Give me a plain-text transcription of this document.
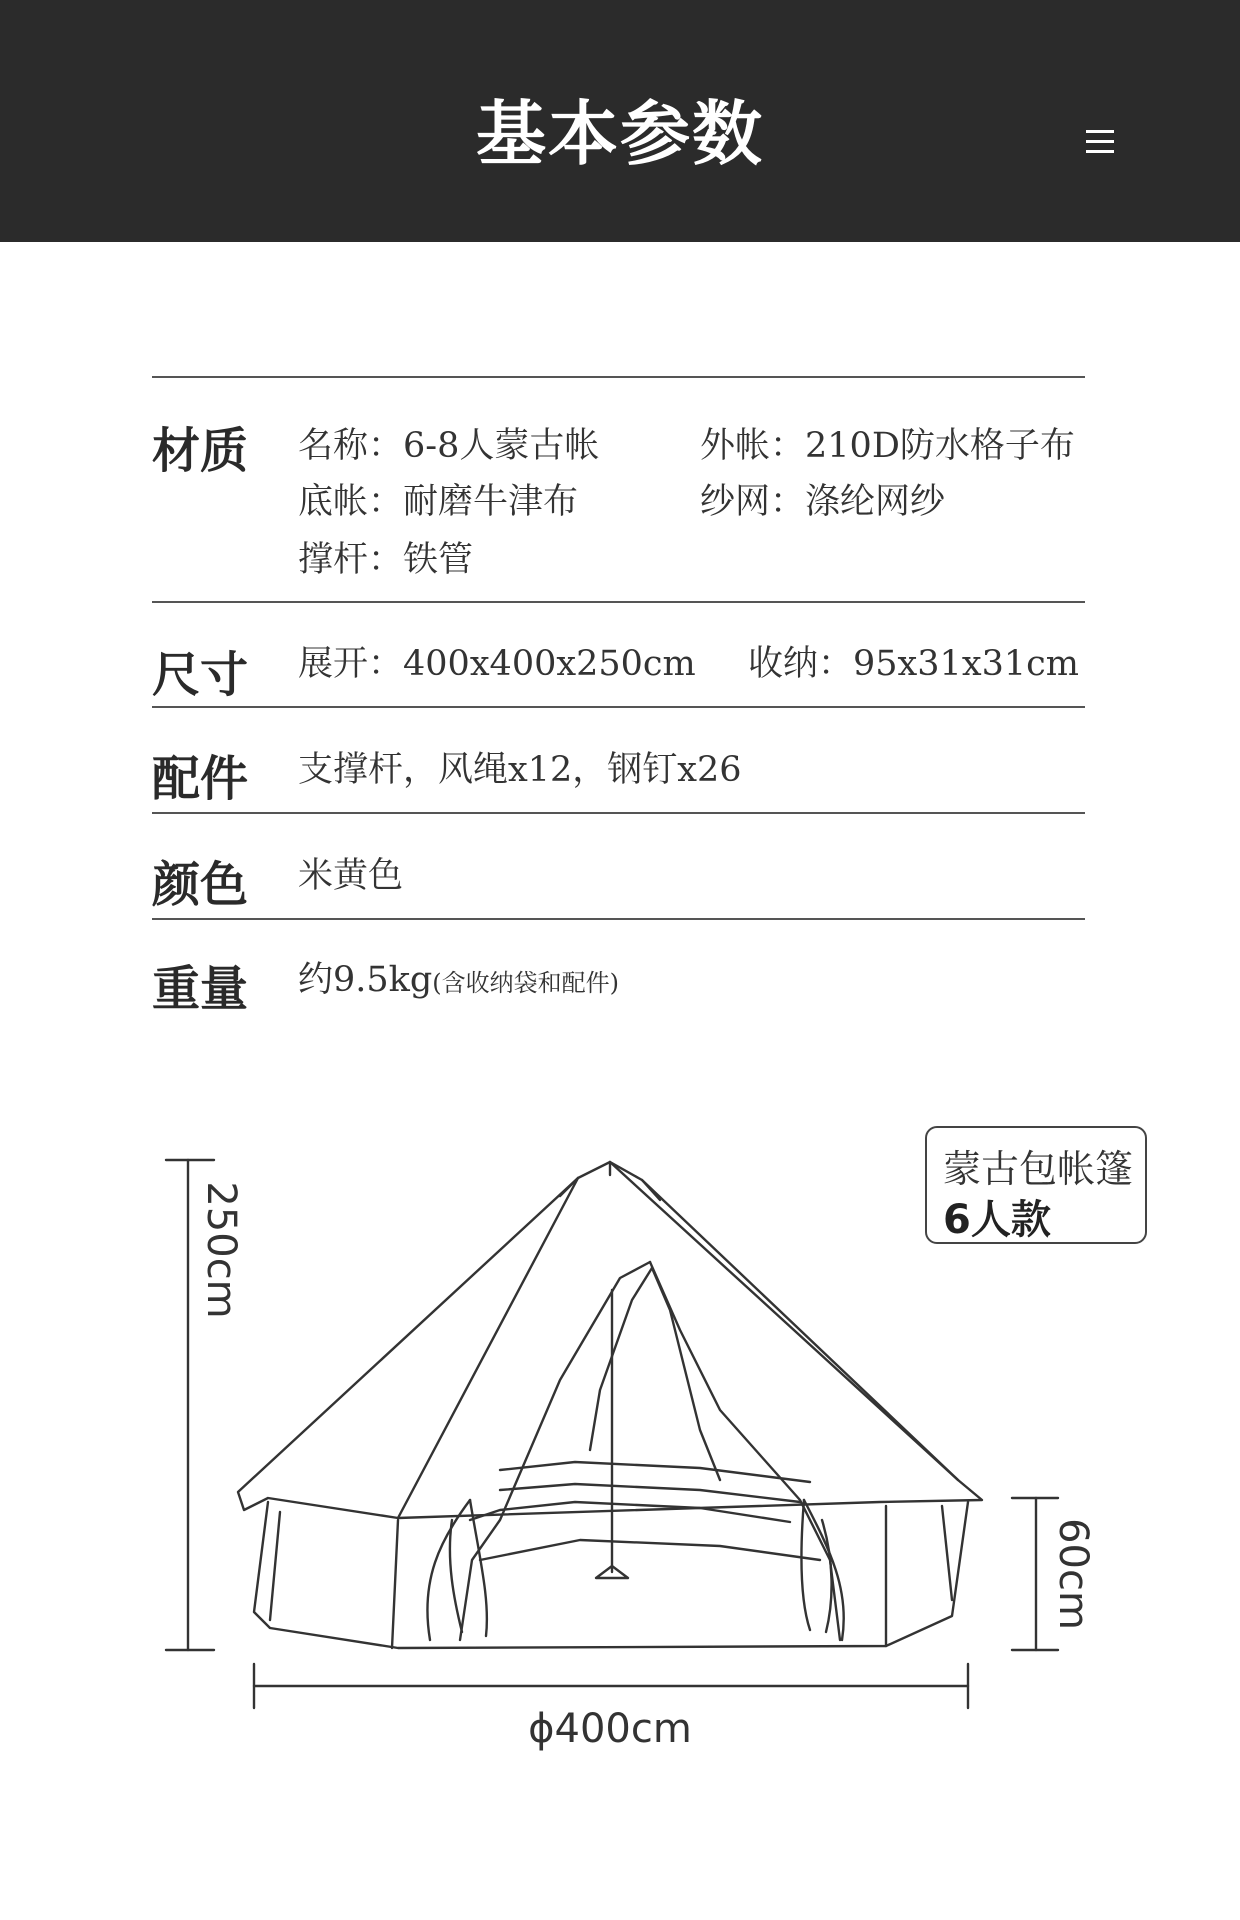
基本参数
材质 名称：6-8人蒙古帐	外帐：210D防水格子布
底帐：耐磨牛津布	纱网：涤纶网纱
撑杆：铁管
尺寸 展开：400x400x250cm 收纳：95x31x31cm
配件 支撑杆，风绳x12，钢钉x26
颜色 米黄色
重量 约9.5kg(含收纳袋和配件)
蒙古包帐篷
6人款
250cm
60cm
ϕ400cm
